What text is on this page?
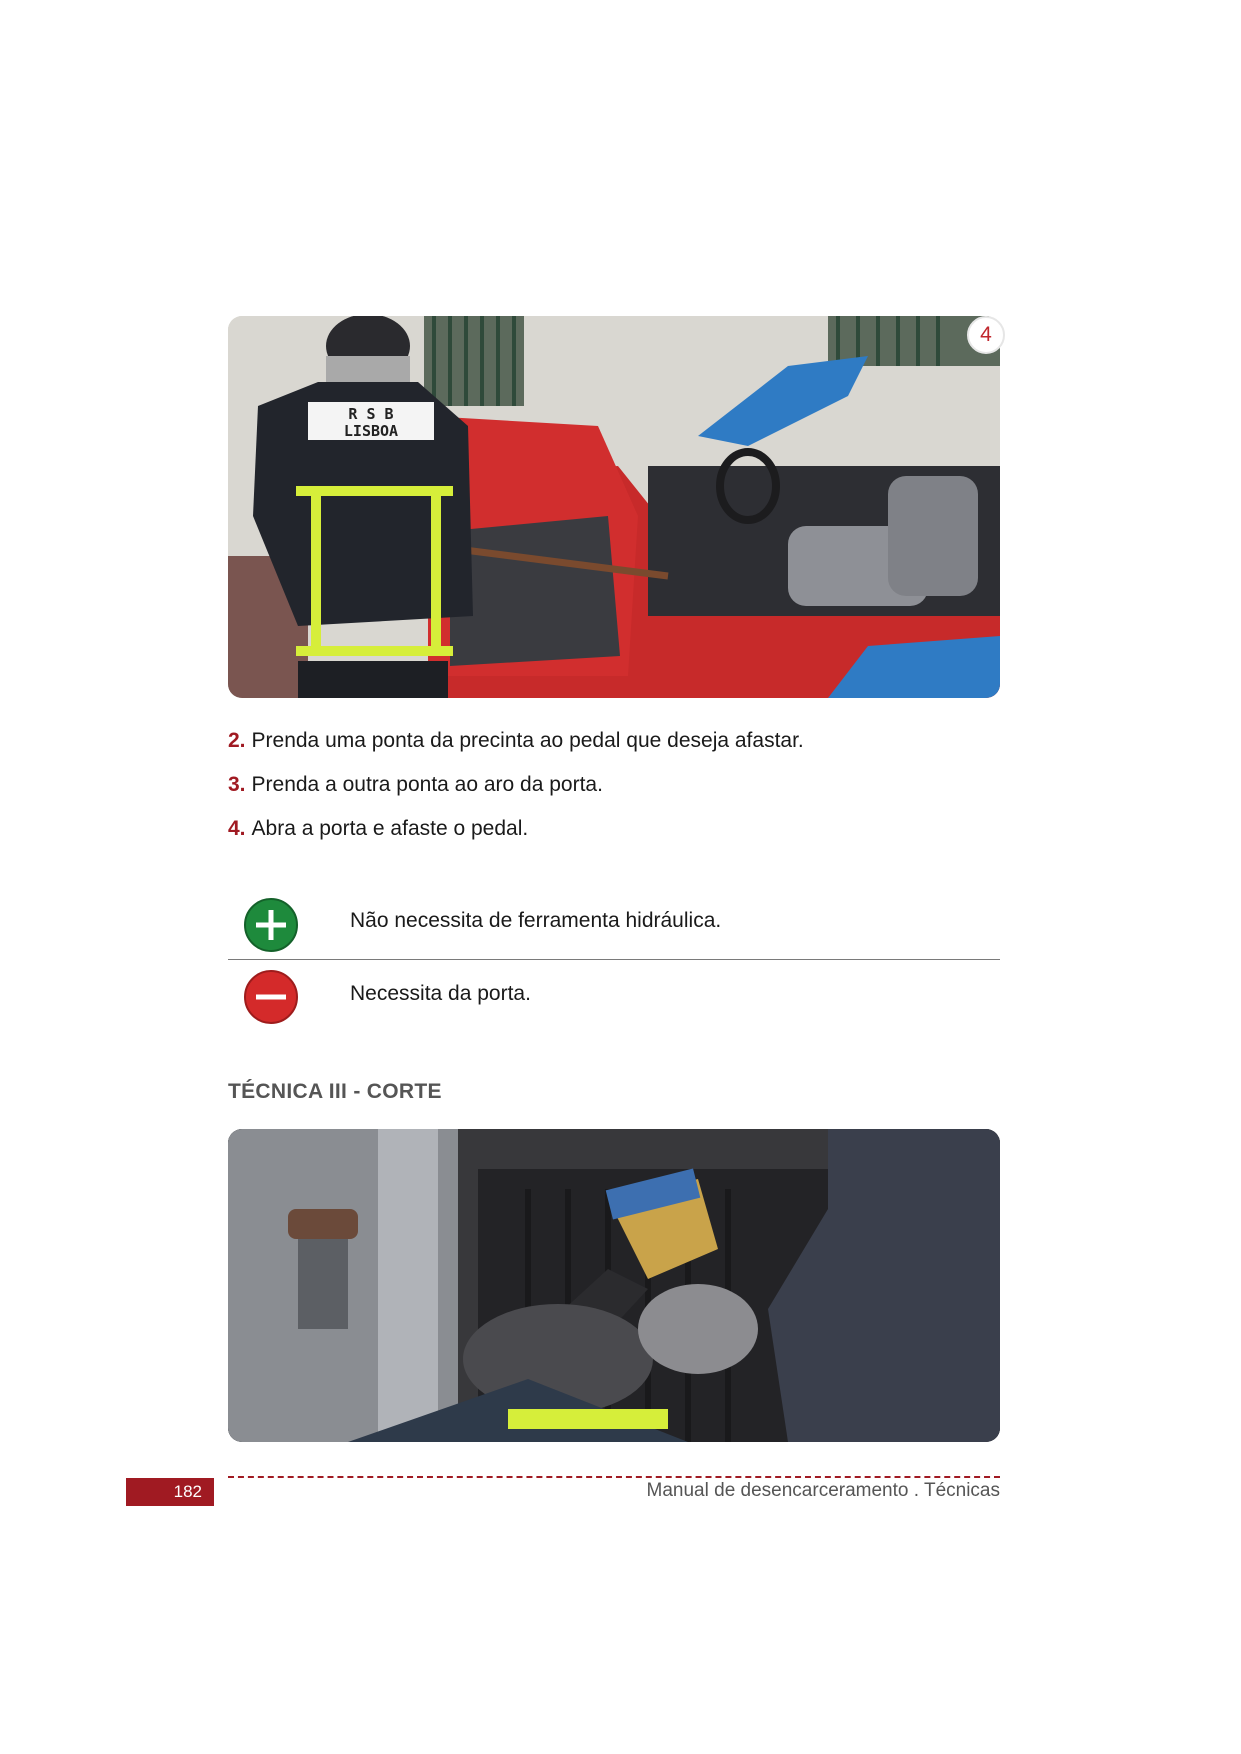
R S B
LISBOA
4
2. Prenda uma ponta da precinta ao pedal que deseja afastar.
3. Prenda a outra ponta ao aro da porta.
4. Abra a porta e afaste o pedal.
Não necessita de ferramenta hidráulica.
Necessita da porta.
TÉCNICA III - CORTE
182	Manual de desencarceramento . Técnicas
